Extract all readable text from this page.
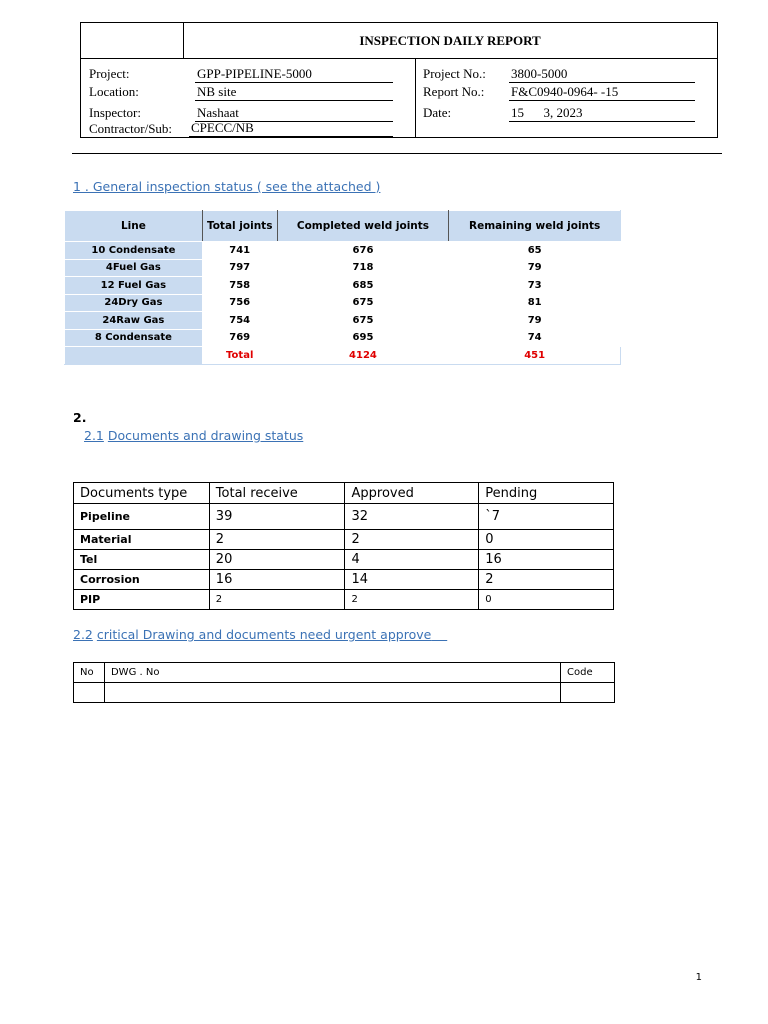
INSPECTION DAILY REPORT
Project:	GPP-PIPELINE-5000
Location:	NB site
Inspector:	Nashaat
Contractor/Sub: CPECC/NB
Project No.: 3800-5000
Report No.: F&C0940-0964- -15
Date:	15      3, 2023
1 . General inspection status ( see the attached )
Line	Total joints	Completed weld joints	Remaining weld joints
10 Condensate	741	676	65
4Fuel Gas	797	718	79
12 Fuel Gas	758	685	73
24Dry Gas	756	675	81
24Raw Gas	754	675	79
8 Condensate	769	695	74
	Total	4124	451
2.
2.1 Documents and drawing status
Documents type	Total receive	Approved	Pending
Pipeline	39	32	`7
Material	2	2	0
Tel	20	4	16
Corrosion	16	14	2
PIP	2	2	0
2.2 critical Drawing and documents need urgent approve
No	DWG . No	Code

1
